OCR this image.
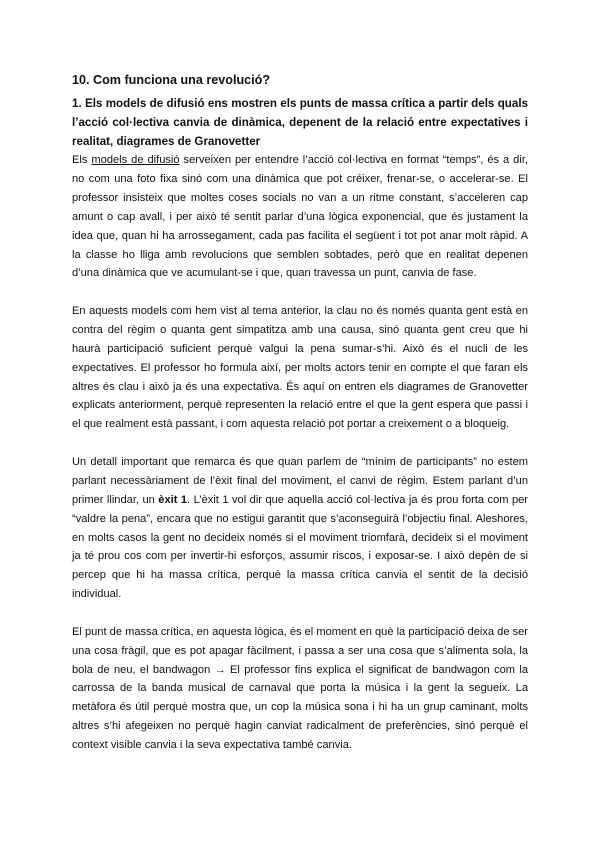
10. Com funciona una revolució?
1. Els models de difusió ens mostren els punts de massa crítica a partir dels quals l’acció col·lectiva canvia de dinàmica, depenent de la relació entre expectatives i realitat, diagrames de Granovetter

Els models de difusió serveixen per entendre l’acció col·lectiva en format “temps”, és a dir, no com una foto fixa sinó com una dinàmica que pot créixer, frenar-se, o accelerar-se. El professor insisteix que moltes coses socials no van a un ritme constant, s’acceleren cap amunt o cap avall, i per això té sentit parlar d’una lògica exponencial, que és justament la idea que, quan hi ha arrossegament, cada pas facilita el següent i tot pot anar molt ràpid. A la classe ho lliga amb revolucions que semblen sobtades, però que en realitat depenen d’una dinàmica que ve acumulant-se i que, quan travessa un punt, canvia de fase.

En aquests models com hem vist al tema anterior, la clau no és només quanta gent està en contra del règim o quanta gent simpatitza amb una causa, sinó quanta gent creu que hi haurà participació suficient perquè valgui la pena sumar-s’hi. Això és el nucli de les expectatives. El professor ho formula així, per molts actors tenir en compte el que faran els altres és clau i això ja és una expectativa. És aquí on entren els diagrames de Granovetter explicats anteriorment, perquè representen la relació entre el que la gent espera que passi i el que realment està passant, i com aquesta relació pot portar a creixement o a bloqueig.

Un detall important que remarca és que quan parlem de “mínim de participants” no estem parlant necessàriament de l’èxit final del moviment, el canvi de règim. Estem parlant d’un primer llindar, un èxit 1. L’èxit 1 vol dir que aquella acció col·lectiva ja és prou forta com per “valdre la pena”, encara que no estigui garantit que s’aconseguirà l’objectiu final. Aleshores, en molts casos la gent no decideix només si el moviment triomfarà, decideix si el moviment ja té prou cos com per invertir-hi esforços, assumir riscos, i exposar-se. I això depèn de si percep que hi ha massa crítica, perquè la massa crítica canvia el sentit de la decisió individual.

El punt de massa crítica, en aquesta lògica, és el moment en què la participació deixa de ser una cosa fràgil, que es pot apagar fàcilment, i passa a ser una cosa que s’alimenta sola, la bola de neu, el bandwagon → El professor fins explica el significat de bandwagon com la carrossa de la banda musical de carnaval que porta la música i la gent la segueix. La metàfora és útil perquè mostra que, un cop la música sona i hi ha un grup caminant, molts altres s’hi afegeixen no perquè hagin canviat radicalment de preferències, sinó perquè el context visible canvia i la seva expectativa també canvia.
